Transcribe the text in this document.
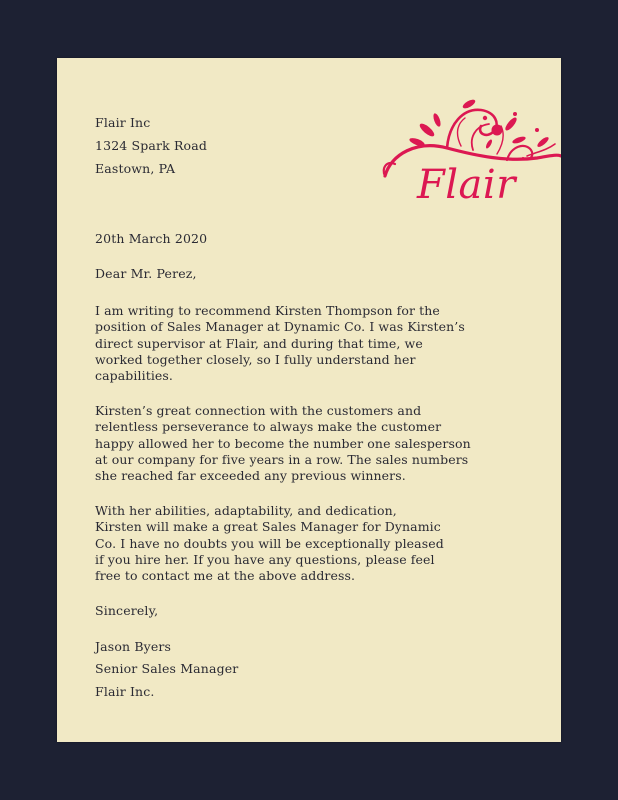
Flair Inc
1324 Spark Road
Eastown, PA	Flair
20th March 2020
Dear Mr. Perez,
I am writing to recommend Kirsten Thompson for the
position of Sales Manager at Dynamic Co. I was Kirsten’s
direct supervisor at Flair, and during that time, we
worked together closely, so I fully understand her
capabilities.
Kirsten’s great connection with the customers and
relentless perseverance to always make the customer
happy allowed her to become the number one salesperson
at our company for five years in a row. The sales numbers
she reached far exceeded any previous winners.
With her abilities, adaptability, and dedication,
Kirsten will make a great Sales Manager for Dynamic
Co. I have no doubts you will be exceptionally pleased
if you hire her. If you have any questions, please feel
free to contact me at the above address.
Sincerely,
Jason Byers
Senior Sales Manager
Flair Inc.
